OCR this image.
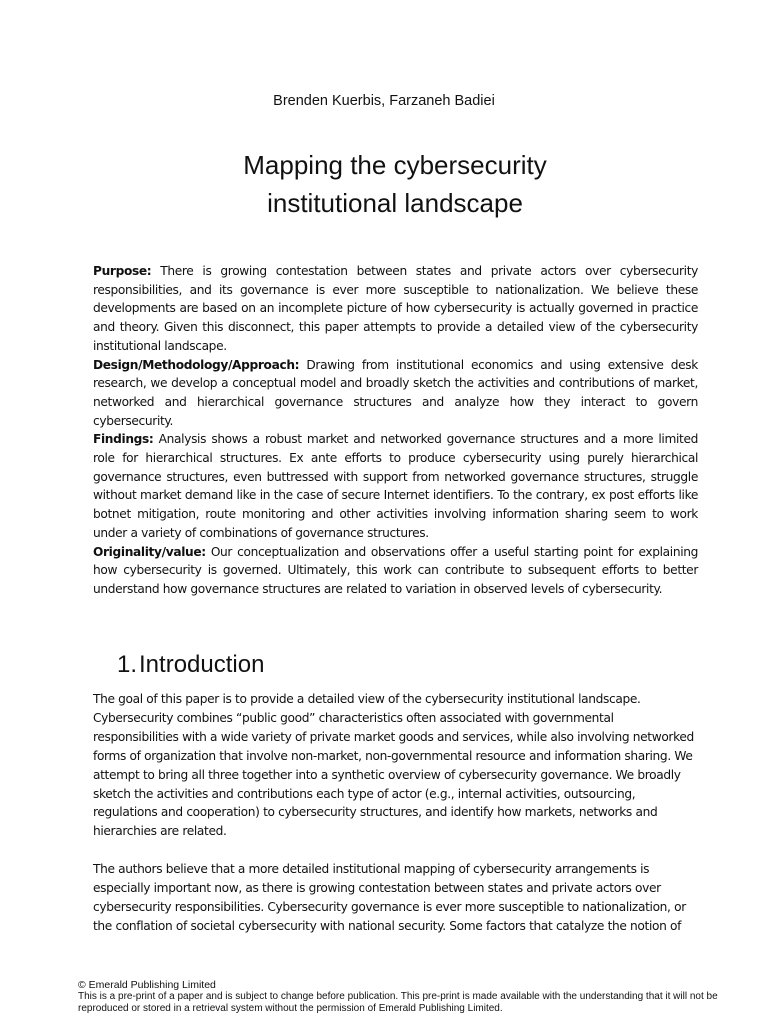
Brenden Kuerbis, Farzaneh Badiei
Mapping the cybersecurity
institutional landscape

Purpose: There is growing contestation between states and private actors over cybersecurity responsibilities, and its governance is ever more susceptible to nationalization. We believe these developments are based on an incomplete picture of how cybersecurity is actually governed in practice and theory. Given this disconnect, this paper attempts to provide a detailed view of the cybersecurity institutional landscape.

Design/Methodology/Approach: Drawing from institutional economics and using extensive desk research, we develop a conceptual model and broadly sketch the activities and contributions of market, networked and hierarchical governance structures and analyze how they interact to govern cybersecurity.

Findings: Analysis shows a robust market and networked governance structures and a more limited role for hierarchical structures. Ex ante efforts to produce cybersecurity using purely hierarchical governance structures, even buttressed with support from networked governance structures, struggle without market demand like in the case of secure Internet identifiers. To the contrary, ex post efforts like botnet mitigation, route monitoring and other activities involving information sharing seem to work under a variety of combinations of governance structures.

Originality/value: Our conceptualization and observations offer a useful starting point for explaining how cybersecurity is governed. Ultimately, this work can contribute to subsequent efforts to better understand how governance structures are related to variation in observed levels of cybersecurity.

1.Introduction

The goal of this paper is to provide a detailed view of the cybersecurity institutional landscape. Cybersecurity combines “public good” characteristics often associated with governmental responsibilities with a wide variety of private market goods and services, while also involving networked forms of organization that involve non-market, non-governmental resource and information sharing. We attempt to bring all three together into a synthetic overview of cybersecurity governance. We broadly sketch the activities and contributions each type of actor (e.g., internal activities, outsourcing, regulations and cooperation) to cybersecurity structures, and identify how markets, networks and hierarchies are related.

The authors believe that a more detailed institutional mapping of cybersecurity arrangements is especially important now, as there is growing contestation between states and private actors over cybersecurity responsibilities. Cybersecurity governance is ever more susceptible to nationalization, or the conflation of societal cybersecurity with national security. Some factors that catalyze the notion of

© Emerald Publishing Limited
This is a pre-print of a paper and is subject to change before publication. This pre-print is made available with the understanding that it will not be reproduced or stored in a retrieval system without the permission of Emerald Publishing Limited.
